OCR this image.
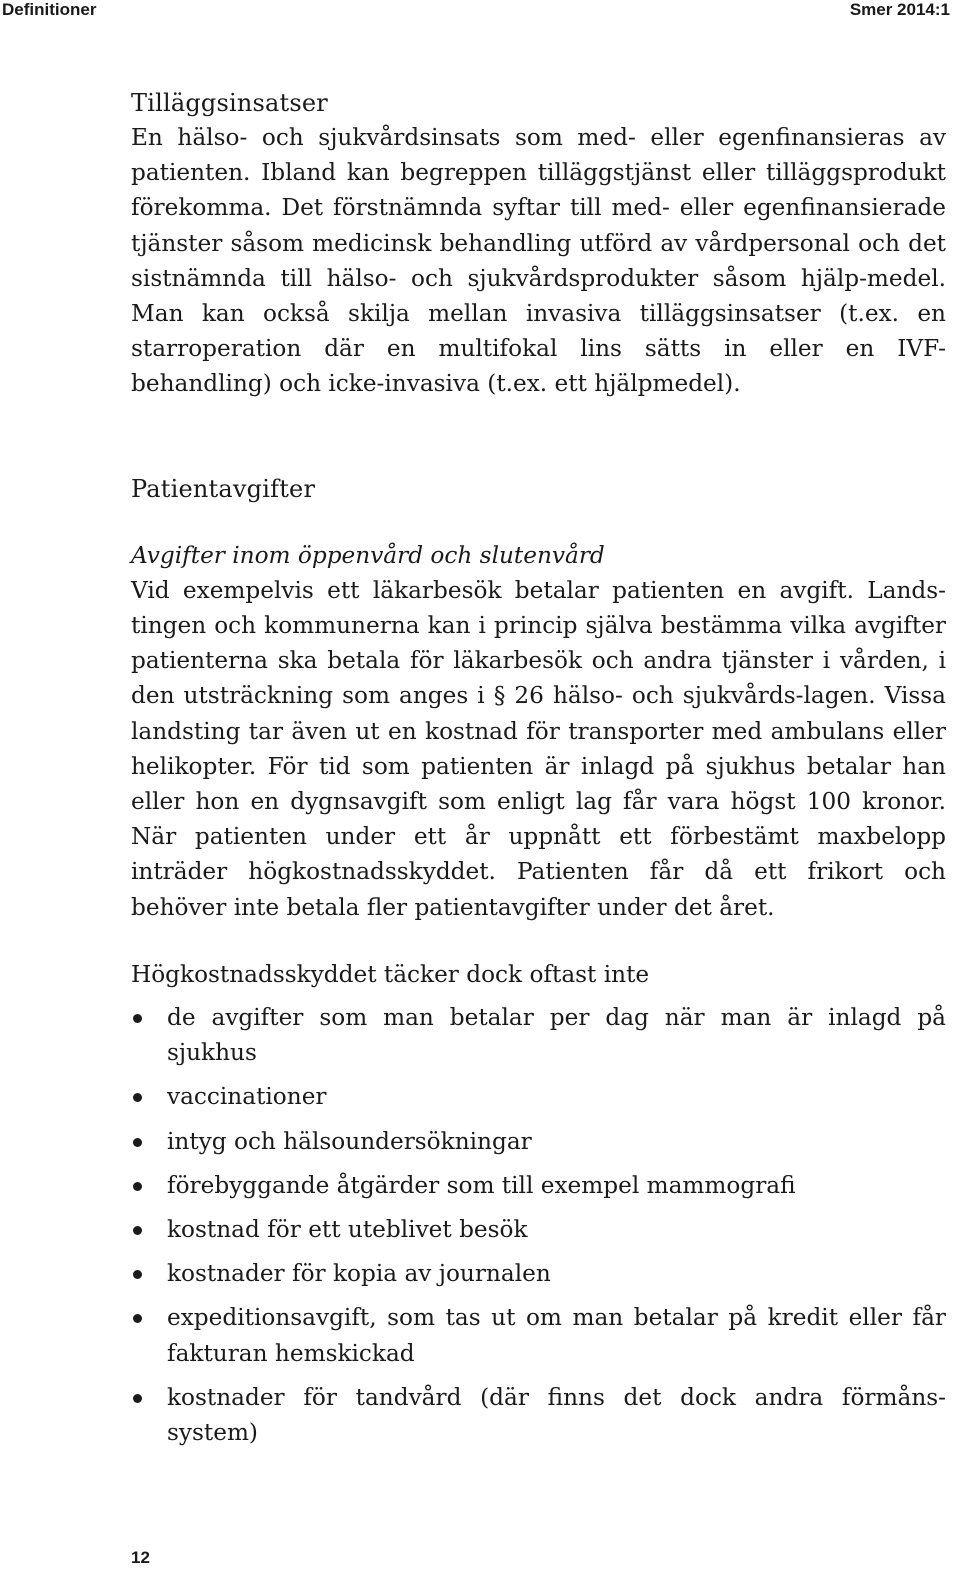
Definitioner	Smer 2014:1
Tilläggsinsatser

En hälso- och sjukvårdsinsats som med- eller egenfinansieras av patienten. Ibland kan begreppen tilläggstjänst eller tilläggsprodukt förekomma. Det förstnämnda syftar till med- eller egenfinansierade tjänster såsom medicinsk behandling utförd av vårdpersonal och det sistnämnda till hälso- och sjukvårdsprodukter såsom hjälp-medel. Man kan också skilja mellan invasiva tilläggsinsatser (t.ex. en starroperation där en multifokal lins sätts in eller en IVF-behandling) och icke-invasiva (t.ex. ett hjälpmedel).

Patientavgifter

Avgifter inom öppenvård och slutenvård

Vid exempelvis ett läkarbesök betalar patienten en avgift. Lands-tingen och kommunerna kan i princip själva bestämma vilka avgifter patienterna ska betala för läkarbesök och andra tjänster i vården, i den utsträckning som anges i § 26 hälso- och sjukvårds-lagen. Vissa landsting tar även ut en kostnad för transporter med ambulans eller helikopter. För tid som patienten är inlagd på sjukhus betalar han eller hon en dygnsavgift som enligt lag får vara högst 100 kronor. När patienten under ett år uppnått ett förbestämt maxbelopp inträder högkostnadsskyddet. Patienten får då ett frikort och behöver inte betala fler patientavgifter under det året.

Högkostnadsskyddet täcker dock oftast inte

de avgifter som man betalar per dag när man är inlagd på sjukhus
vaccinationer
intyg och hälsoundersökningar
förebyggande åtgärder som till exempel mammografi
kostnad för ett uteblivet besök
kostnader för kopia av journalen
expeditionsavgift, som tas ut om man betalar på kredit eller får fakturan hemskickad
kostnader för tandvård (där finns det dock andra förmåns-system)
12
